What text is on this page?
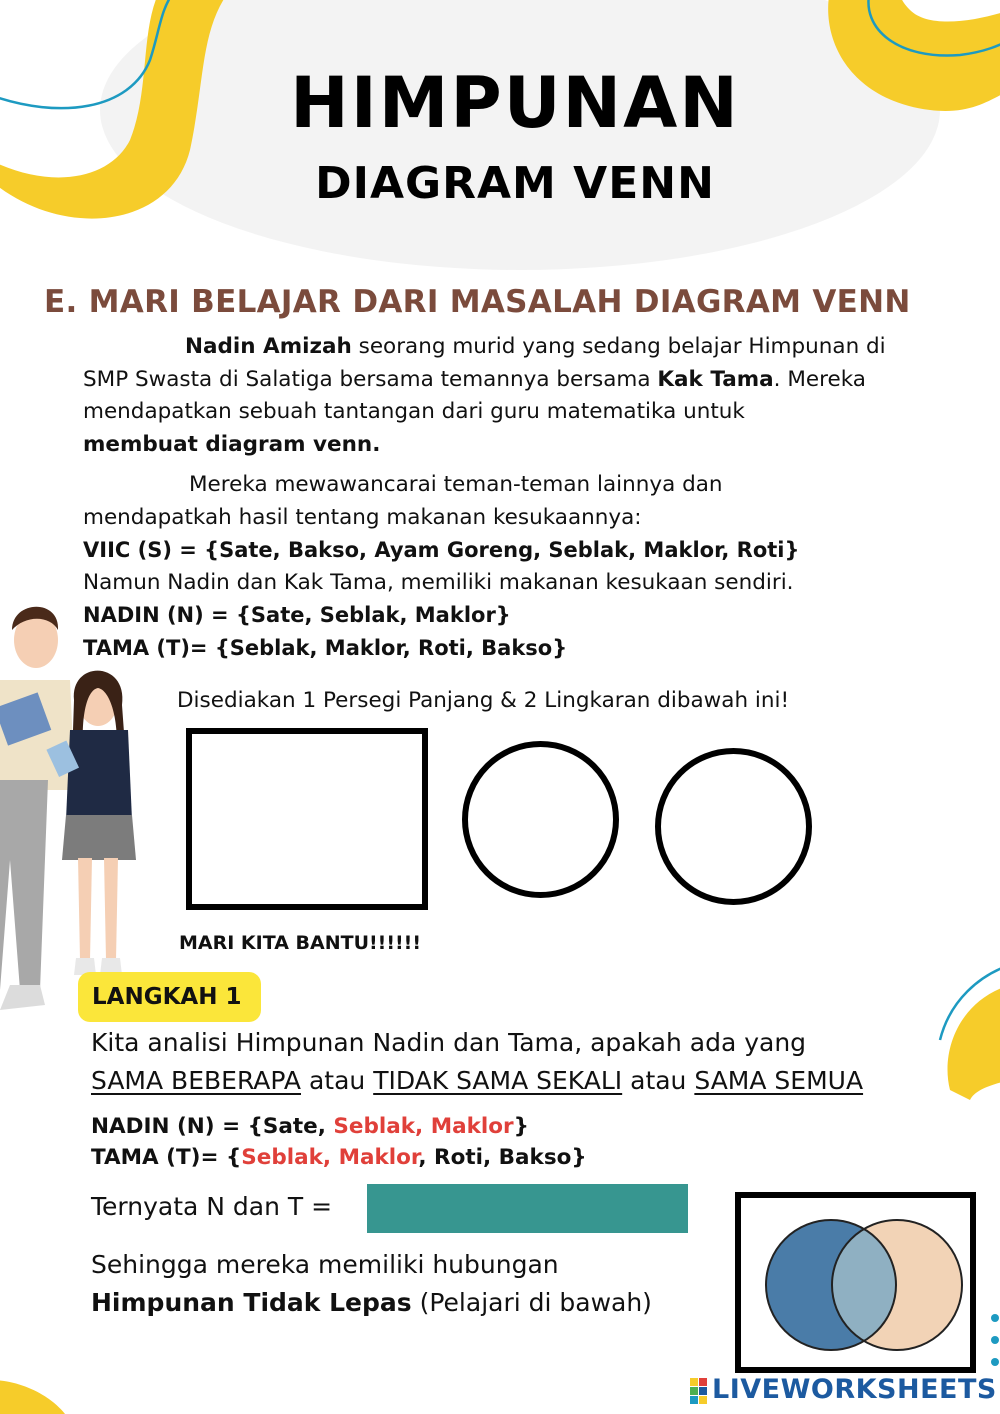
HIMPUNAN
DIAGRAM VENN
E. MARI BELAJAR DARI MASALAH DIAGRAM VENN
Nadin Amizah seorang murid yang sedang belajar Himpunan di
SMP Swasta di Salatiga bersama temannya bersama Kak Tama. Mereka
mendapatkan sebuah tantangan dari guru matematika untuk
membuat diagram venn.
Mereka mewawancarai teman-teman lainnya dan
mendapatkah hasil tentang makanan kesukaannya:
VIIC (S) = {Sate, Bakso, Ayam Goreng, Seblak, Maklor, Roti}
Namun Nadin dan Kak Tama, memiliki makanan kesukaan sendiri.
NADIN (N) = {Sate, Seblak, Maklor}
TAMA (T)= {Seblak, Maklor, Roti, Bakso}
Disediakan 1 Persegi Panjang & 2 Lingkaran dibawah ini!
MARI KITA BANTU!!!!!!
LANGKAH 1
Kita analisi Himpunan Nadin dan Tama, apakah ada yang
SAMA BEBERAPA atau TIDAK SAMA SEKALI atau SAMA SEMUA
NADIN (N) = {Sate, Seblak, Maklor}
TAMA (T)= {Seblak, Maklor, Roti, Bakso}
Ternyata N dan T =
Sehingga mereka memiliki hubungan
Himpunan Tidak Lepas (Pelajari di bawah)
LIVEWORKSHEETS
